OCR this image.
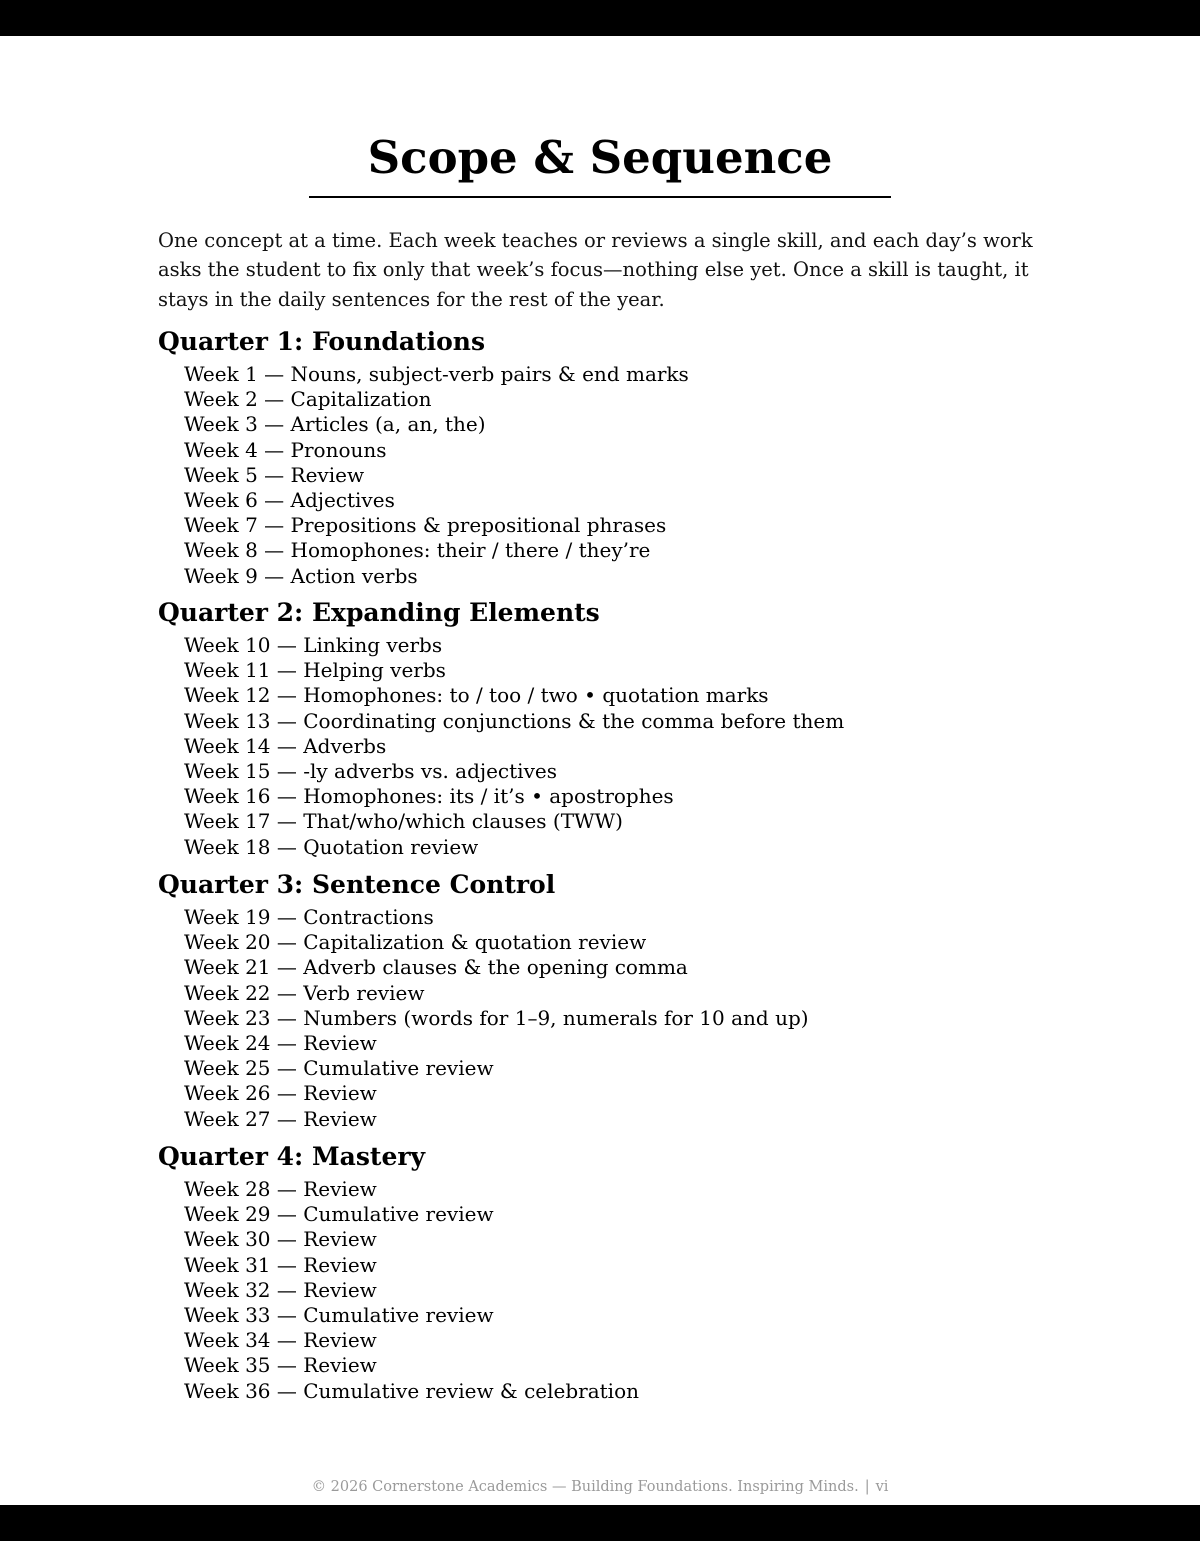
Scope & Sequence

One concept at a time. Each week teaches or reviews a single skill, and each day’s work asks the student to fix only that week’s focus—nothing else yet. Once a skill is taught, it stays in the daily sentences for the rest of the year.

Quarter 1: Foundations
Week 1 — Nouns, subject-verb pairs & end marks
Week 2 — Capitalization
Week 3 — Articles (a, an, the)
Week 4 — Pronouns
Week 5 — Review
Week 6 — Adjectives
Week 7 — Prepositions & prepositional phrases
Week 8 — Homophones: their / there / they’re
Week 9 — Action verbs
Quarter 2: Expanding Elements
Week 10 — Linking verbs
Week 11 — Helping verbs
Week 12 — Homophones: to / too / two • quotation marks
Week 13 — Coordinating conjunctions & the comma before them
Week 14 — Adverbs
Week 15 — -ly adverbs vs. adjectives
Week 16 — Homophones: its / it’s • apostrophes
Week 17 — That/who/which clauses (TWW)
Week 18 — Quotation review
Quarter 3: Sentence Control
Week 19 — Contractions
Week 20 — Capitalization & quotation review
Week 21 — Adverb clauses & the opening comma
Week 22 — Verb review
Week 23 — Numbers (words for 1–9, numerals for 10 and up)
Week 24 — Review
Week 25 — Cumulative review
Week 26 — Review
Week 27 — Review
Quarter 4: Mastery
Week 28 — Review
Week 29 — Cumulative review
Week 30 — Review
Week 31 — Review
Week 32 — Review
Week 33 — Cumulative review
Week 34 — Review
Week 35 — Review
Week 36 — Cumulative review & celebration
© 2026 Cornerstone Academics — Building Foundations. Inspiring Minds. | vi
